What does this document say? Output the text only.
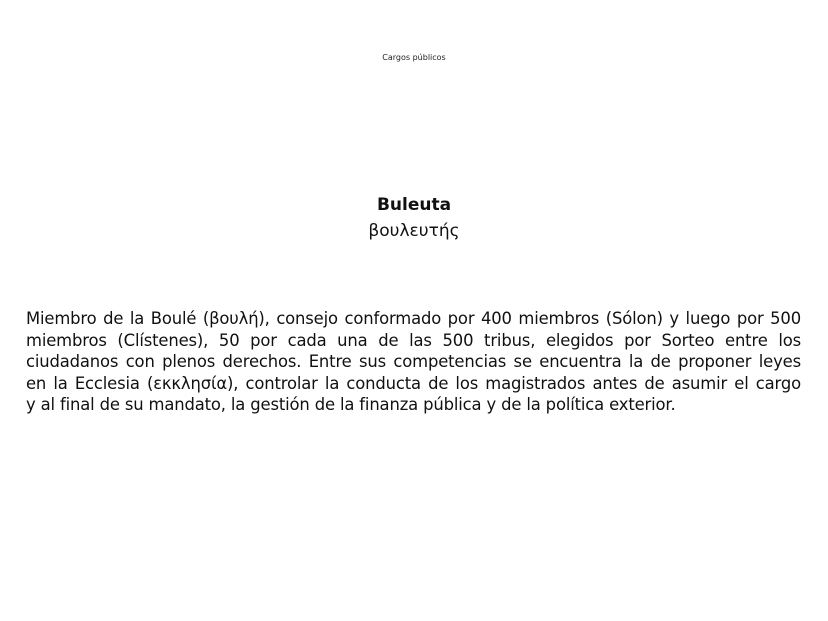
Cargos públicos
Buleuta
βουλευτής
Miembro de la Boulé (βουλή), consejo conformado por 400 miembros (Sólon) y luego por 500
miembros (Clístenes), 50 por cada una de las 500 tribus, elegidos por Sorteo entre los
ciudadanos con plenos derechos. Entre sus competencias se encuentra la de proponer leyes
en la Ecclesia (εκκλησία), controlar la conducta de los magistrados antes de asumir el cargo
y al final de su mandato, la gestión de la finanza pública y de la política exterior.
